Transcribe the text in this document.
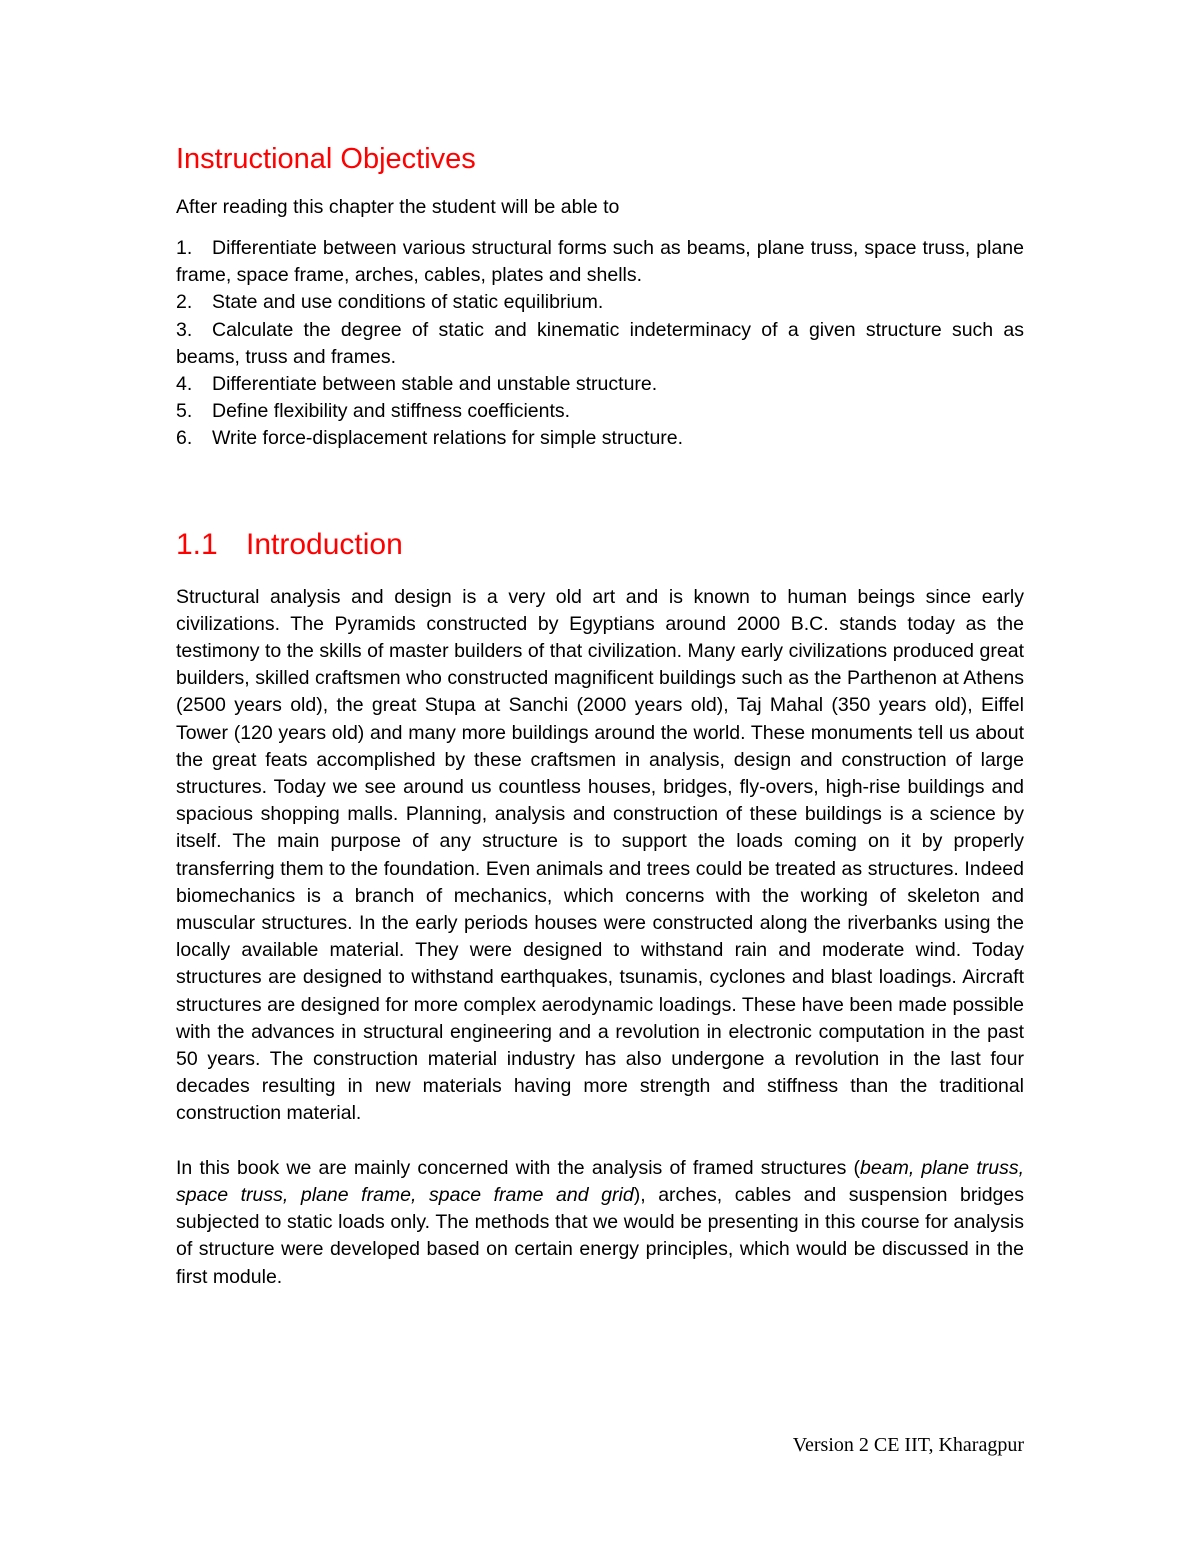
Instructional Objectives

After reading this chapter the student will be able to

1. Differentiate between various structural forms such as beams, plane truss, space truss, plane frame, space frame, arches, cables, plates and shells.
2. State and use conditions of static equilibrium.
3. Calculate the degree of static and kinematic indeterminacy of a given structure such as beams, truss and frames.
4. Differentiate between stable and unstable structure.
5. Define flexibility and stiffness coefficients.
6. Write force-displacement relations for simple structure.
1.1 Introduction

Structural analysis and design is a very old art and is known to human beings since early civilizations. The Pyramids constructed by Egyptians around 2000 B.C. stands today as the testimony to the skills of master builders of that civilization. Many early civilizations produced great builders, skilled craftsmen who constructed magnificent buildings such as the Parthenon at Athens (2500 years old), the great Stupa at Sanchi (2000 years old), Taj Mahal (350 years old), Eiffel Tower (120 years old) and many more buildings around the world. These monuments tell us about the great feats accomplished by these craftsmen in analysis, design and construction of large structures. Today we see around us countless houses, bridges, fly-overs, high-rise buildings and spacious shopping malls. Planning, analysis and construction of these buildings is a science by itself. The main purpose of any structure is to support the loads coming on it by properly transferring them to the foundation. Even animals and trees could be treated as structures. Indeed biomechanics is a branch of mechanics, which concerns with the working of skeleton and muscular structures. In the early periods houses were constructed along the riverbanks using the locally available material. They were designed to withstand rain and moderate wind. Today structures are designed to withstand earthquakes, tsunamis, cyclones and blast loadings. Aircraft structures are designed for more complex aerodynamic loadings. These have been made possible with the advances in structural engineering and a revolution in electronic computation in the past 50 years. The construction material industry has also undergone a revolution in the last four decades resulting in new materials having more strength and stiffness than the traditional construction material.

In this book we are mainly concerned with the analysis of framed structures (beam, plane truss, space truss, plane frame, space frame and grid), arches, cables and suspension bridges subjected to static loads only. The methods that we would be presenting in this course for analysis of structure were developed based on certain energy principles, which would be discussed in the first module.

Version 2 CE IIT, Kharagpur
